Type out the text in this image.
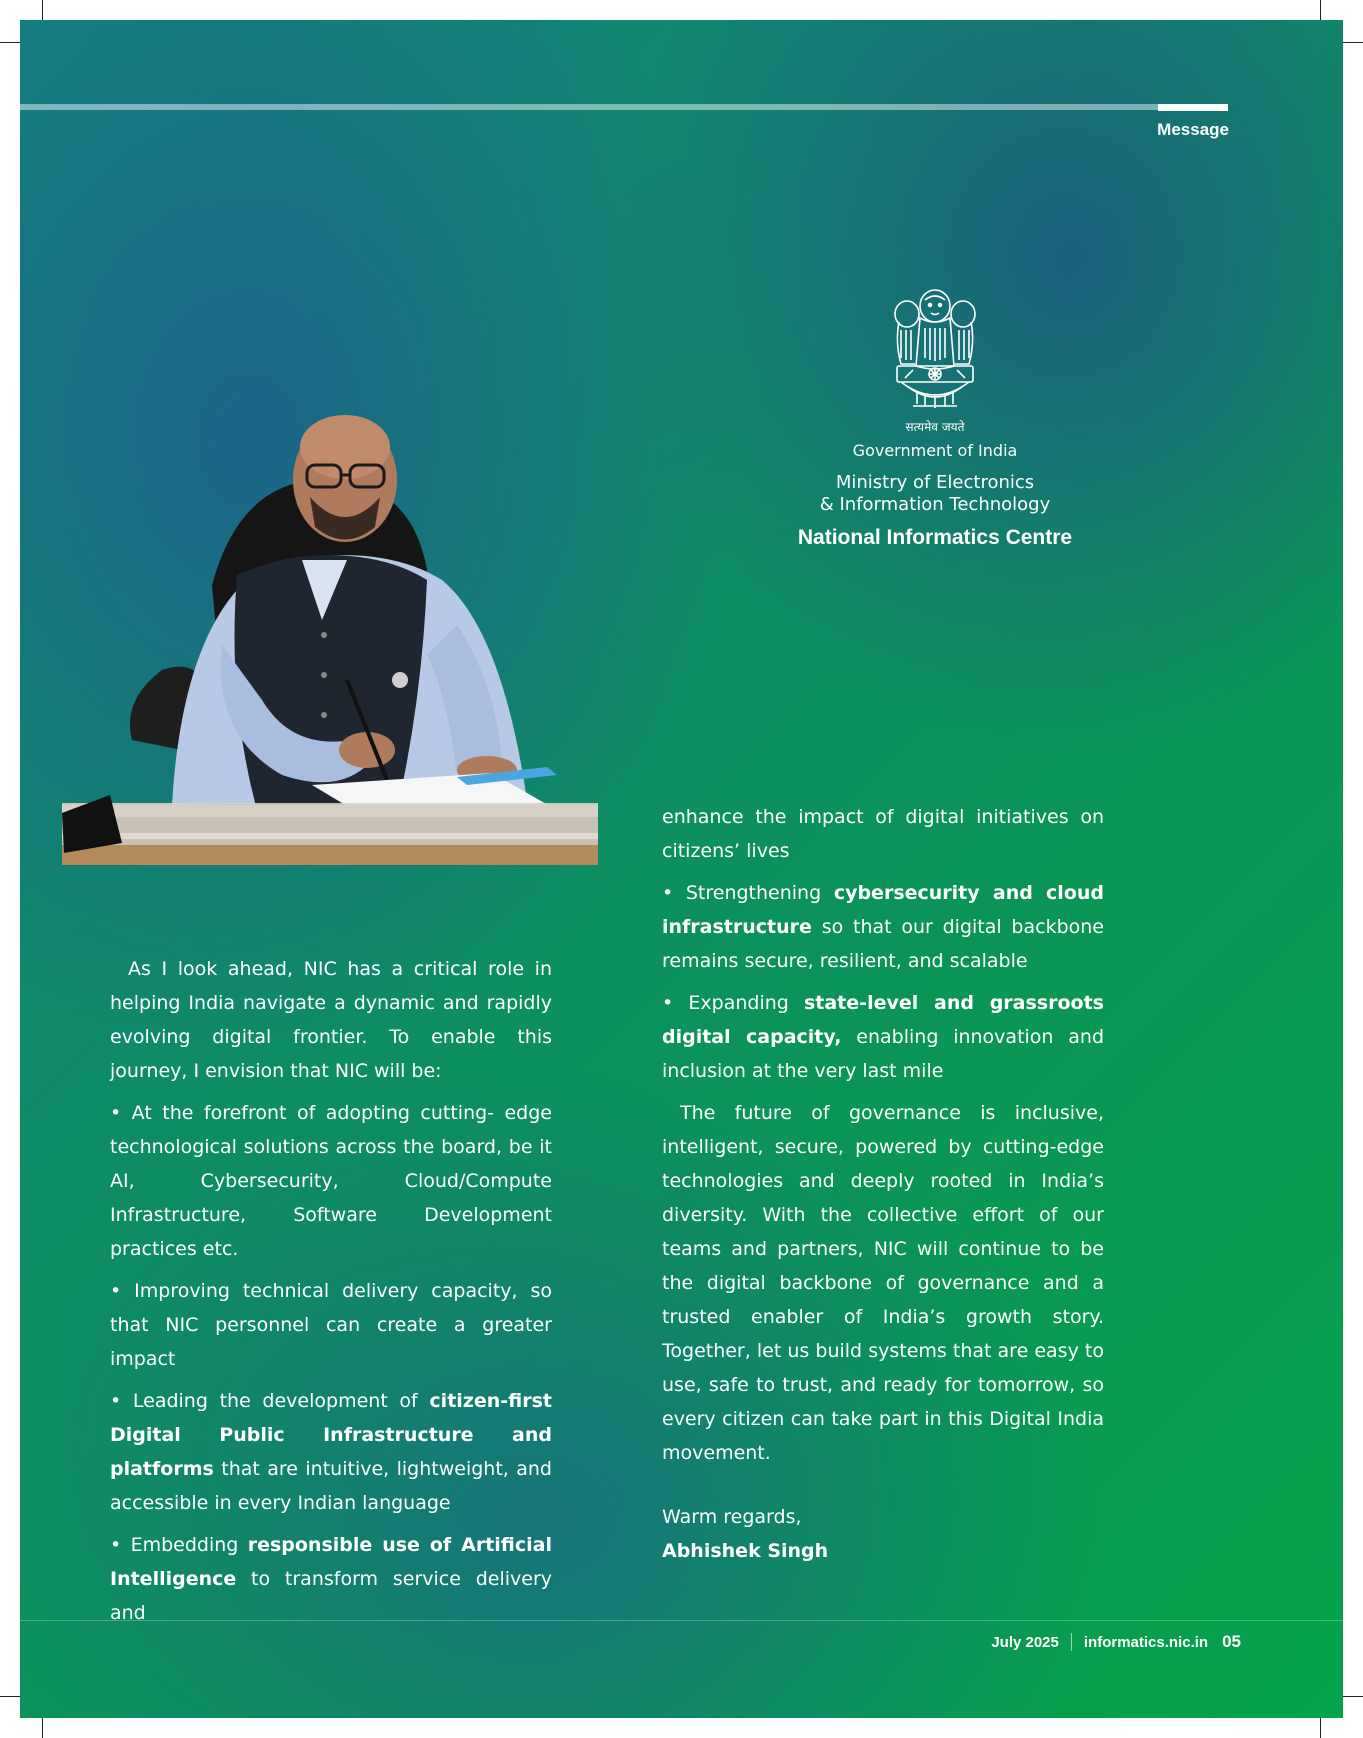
Message
सत्यमेव जयते
Government of India
Ministry of Electronics
& Information Technology
National Informatics Centre

As I look ahead, NIC has a critical role in helping India navigate a dynamic and rapidly evolving digital frontier. To enable this journey, I envision that NIC will be:

• At the forefront of adopting cutting- edge technological solutions across the board, be it AI, Cybersecurity, Cloud/Compute Infrastructure, Software Development practices etc.

• Improving technical delivery capacity, so that NIC personnel can create a greater impact

• Leading the development of citizen-first Digital Public Infrastructure and platforms that are intuitive, lightweight, and accessible in every Indian language

• Embedding responsible use of Artificial Intelligence to transform service delivery and

enhance the impact of digital initiatives on citizens’ lives

• Strengthening cybersecurity and cloud infrastructure so that our digital backbone remains secure, resilient, and scalable

• Expanding state-level and grassroots digital capacity, enabling innovation and inclusion at the very last mile

The future of governance is inclusive, intelligent, secure, powered by cutting-edge technologies and deeply rooted in India’s diversity. With the collective effort of our teams and partners, NIC will continue to be the digital backbone of governance and a trusted enabler of India’s growth story. Together, let us build systems that are easy to use, safe to trust, and ready for tomorrow, so every citizen can take part in this Digital India movement.

Warm regards,

Abhishek Singh

July 2025 informatics.nic.in 05
